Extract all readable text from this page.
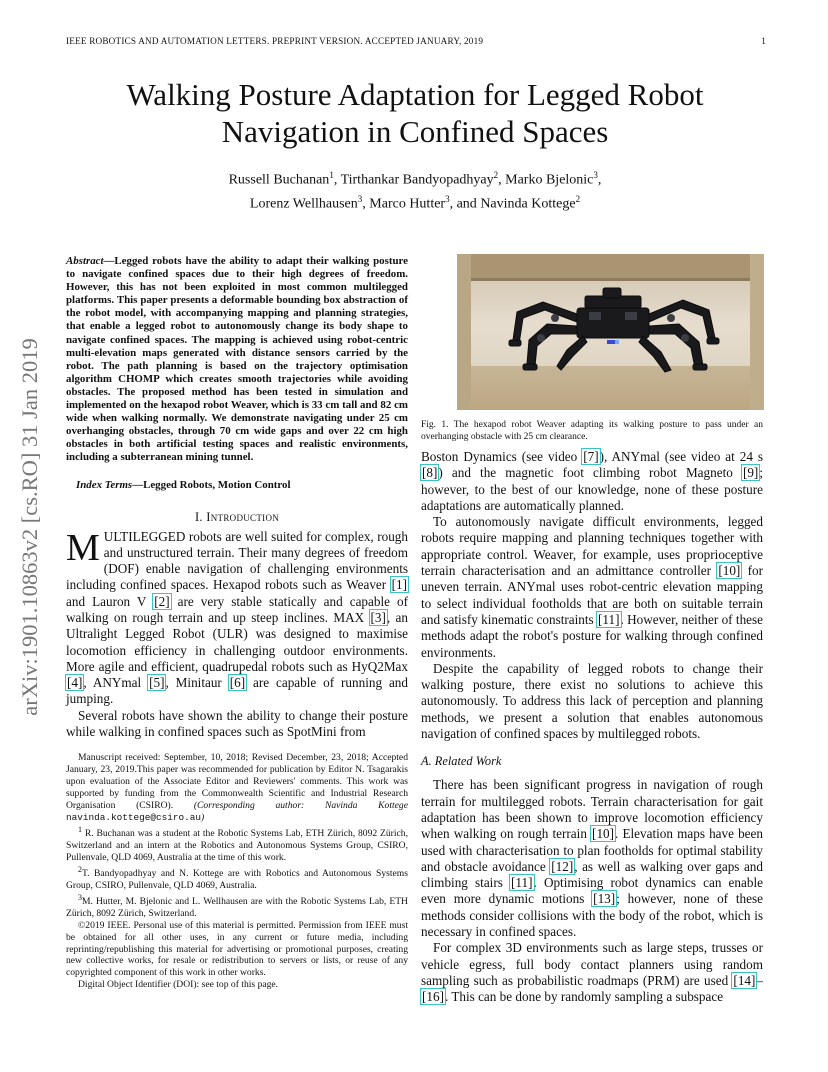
IEEE ROBOTICS AND AUTOMATION LETTERS. PREPRINT VERSION. ACCEPTED JANUARY, 2019	1
arXiv:1901.10863v2 [cs.RO] 31 Jan 2019
Walking Posture Adaptation for Legged Robot
Navigation in Confined Spaces
Russell Buchanan$^1$, Tirthankar Bandyopadhyay$^2$, Marko Bjelonic$^3$,
Lorenz Wellhausen$^3$, Marco Hutter$^3$, and Navinda Kottege$^2$

Abstract—Legged robots have the ability to adapt their walking posture to navigate confined spaces due to their high degrees of freedom. However, this has not been exploited in most common multilegged platforms. This paper presents a deformable bounding box abstraction of the robot model, with accompanying mapping and planning strategies, that enable a legged robot to autonomously change its body shape to navigate confined spaces. The mapping is achieved using robot-centric multi-elevation maps generated with distance sensors carried by the robot. The path planning is based on the trajectory optimisation algorithm CHOMP which creates smooth trajectories while avoiding obstacles. The proposed method has been tested in simulation and implemented on the hexapod robot Weaver, which is 33 cm tall and 82 cm wide when walking normally. We demonstrate navigating under 25 cm overhanging obstacles, through 70 cm wide gaps and over 22 cm high obstacles in both artificial testing spaces and realistic environments, including a subterranean mining tunnel.

Index Terms—Legged Robots, Motion Control

I. Introduction

MULTILEGGED robots are well suited for complex, rough and unstructured terrain. Their many degrees of freedom (DOF) enable navigation of challenging environments including confined spaces. Hexapod robots such as Weaver [1] and Lauron V [2] are very stable statically and capable of walking on rough terrain and up steep inclines. MAX [3], an Ultralight Legged Robot (ULR) was designed to maximise locomotion efficiency in challenging outdoor environments. More agile and efficient, quadrupedal robots such as HyQ2Max [4], ANYmal [5], Minitaur [6] are capable of running and jumping.

Several robots have shown the ability to change their posture while walking in confined spaces such as SpotMini from

Manuscript received: September, 10, 2018; Revised December, 23, 2018; Accepted January, 23, 2019.This paper was recommended for publication by Editor N. Tsagarakis upon evaluation of the Associate Editor and Reviewers' comments. This work was supported by funding from the Commonwealth Scientific and Industrial Research Organisation (CSIRO). (Corresponding author: Navinda Kottege navinda.kottege@csiro.au)

$^1$ R. Buchanan was a student at the Robotic Systems Lab, ETH Zürich, 8092 Zürich, Switzerland and an intern at the Robotics and Autonomous Systems Group, CSIRO, Pullenvale, QLD 4069, Australia at the time of this work.

$^2$T. Bandyopadhyay and N. Kottege are with Robotics and Autonomous Systems Group, CSIRO, Pullenvale, QLD 4069, Australia.

$^3$M. Hutter, M. Bjelonic and L. Wellhausen are with the Robotic Systems Lab, ETH Zürich, 8092 Zürich, Switzerland.

©2019 IEEE. Personal use of this material is permitted. Permission from IEEE must be obtained for all other uses, in any current or future media, including reprinting/republishing this material for advertising or promotional purposes, creating new collective works, for resale or redistribution to servers or lists, or reuse of any copyrighted component of this work in other works.

Digital Object Identifier (DOI): see top of this page.

Fig. 1. The hexapod robot Weaver adapting its walking posture to pass under an overhanging obstacle with 25 cm clearance.

Boston Dynamics (see video [7]), ANYmal (see video at 24 s [8]) and the magnetic foot climbing robot Magneto [9]; however, to the best of our knowledge, none of these posture adaptations are automatically planned.

To autonomously navigate difficult environments, legged robots require mapping and planning techniques together with appropriate control. Weaver, for example, uses proprioceptive terrain characterisation and an admittance controller [10] for uneven terrain. ANYmal uses robot-centric elevation mapping to select individual footholds that are both on suitable terrain and satisfy kinematic constraints [11]. However, neither of these methods adapt the robot's posture for walking through confined environments.

Despite the capability of legged robots to change their walking posture, there exist no solutions to achieve this autonomously. To address this lack of perception and planning methods, we present a solution that enables autonomous navigation of confined spaces by multilegged robots.

A. Related Work

There has been significant progress in navigation of rough terrain for multilegged robots. Terrain characterisation for gait adaptation has been shown to improve locomotion efficiency when walking on rough terrain [10]. Elevation maps have been used with characterisation to plan footholds for optimal stability and obstacle avoidance [12], as well as walking over gaps and climbing stairs [11]. Optimising robot dynamics can enable even more dynamic motions [13]; however, none of these methods consider collisions with the body of the robot, which is necessary in confined spaces.

For complex 3D environments such as large steps, trusses or vehicle egress, full body contact planners using random sampling such as probabilistic roadmaps (PRM) are used [14]–[16]. This can be done by randomly sampling a subspace
